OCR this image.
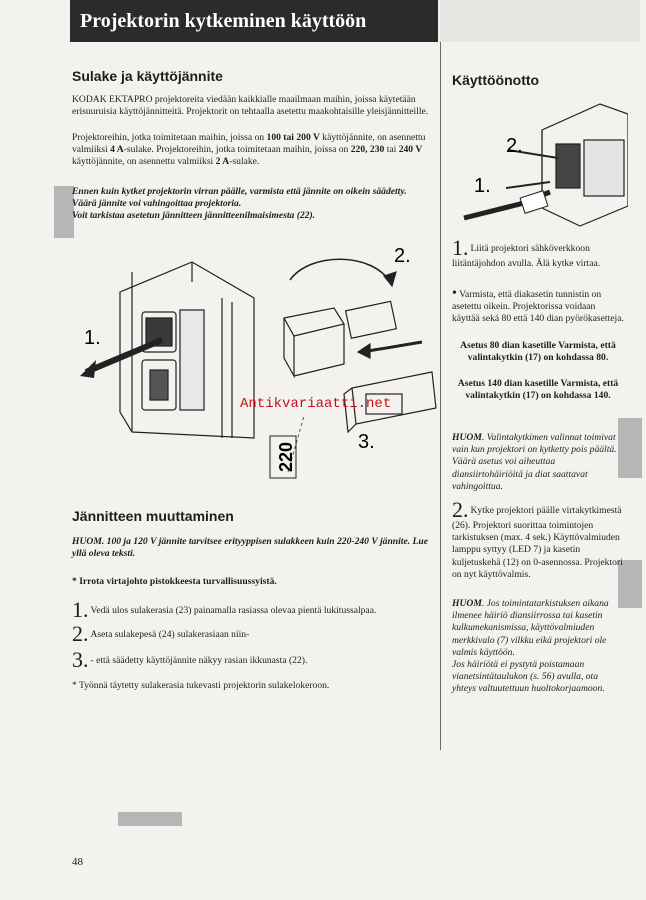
Projektorin kytkeminen käyttöön
Sulake ja käyttöjännite
KODAK EKTAPRO projektoreita viedään kaikkialle maailmaan maihin, joissa käytetään erisuuruisia käyttöjännitteitä. Projektorit on tehtaalla asetettu maakohtaisille yleisjännitteille.
Projektoreihin, jotka toimitetaan maihin, joissa on 100 tai 200 V käyttöjännite, on asennettu valmiiksi 4 A-sulake. Projektoreihin, jotka toimitetaan maihin, joissa on 220, 230 tai 240 V käyttöjännite, on asennettu valmiiksi 2 A-sulake.
Ennen kuin kytket projektorin virran päälle, varmista että jännite on oikein säädetty. Väärä jännite voi vahingoittaa projektoria.
Voit tarkistaa asetetun jännitteen jännitteenilmaisimesta (22).
1.
2.
3.
220
Antikvariaatti.net
Jännitteen muuttaminen
HUOM. 100 ja 120 V jännite tarvitsee erityyppisen sulakkeen kuin 220-240 V jännite. Lue yllä oleva teksti.
* Irrota virtajohto pistokkeesta turvallisuussyistä.
1. Vedä ulos sulakerasia (23) painamalla rasiassa olevaa pientä lukitussalpaa.
2. Aseta sulakepesä (24) sulakerasiaan niin-
3. - että säädetty käyttöjännite näkyy rasian ikkunasta (22).
* Työnnä täytetty sulakerasia tukevasti projektorin sulakelokeroon.
48
Käyttöönotto
2.
1.
1. Liitä projektori sähköverkkoon liitäntäjohdon avulla. Älä kytke virtaa.
• Varmista, että diakasetin tunnistin on asetettu oikein. Projektorissa voidaan käyttää sekä 80 että 140 dian pyörökasetteja.
Asetus 80 dian kasetille Varmista, että valintakytkin (17) on kohdassa 80.
Asetus 140 dian kasetille Varmista, että valintakytkin (17) on kohdassa 140.
HUOM. Valintakytkimen valinnat toimivat vain kun projektori on kytketty pois päältä. Väärä asetus voi aiheuttaa diansiirtohäiriöitä ja diat saattavat vahingoittua.
2. Kytke projektori päälle virtakytkimestä (26). Projektori suorittaa toimintojen tarkistuksen (max. 4 sek.) Käyttövalmiuden lamppu syttyy (LED 7) ja kasetin kuljetuskehä (12) on 0-asennossa. Projektori on nyt käyttövalmis.
HUOM. Jos toimintatarkistuksen aikana ilmenee häiriö diansiirrossa tai kasetin kulkumekanismissa, käyttövalmiuden merkkivalo (7) vilkku eikä projektori ole valmis käyttöön.
Jos häiriötä ei pystytä poistamaan vianetsintätaulukon (s. 56) avulla, ota yhteys valtuutettuun huoltokorjaamoon.
